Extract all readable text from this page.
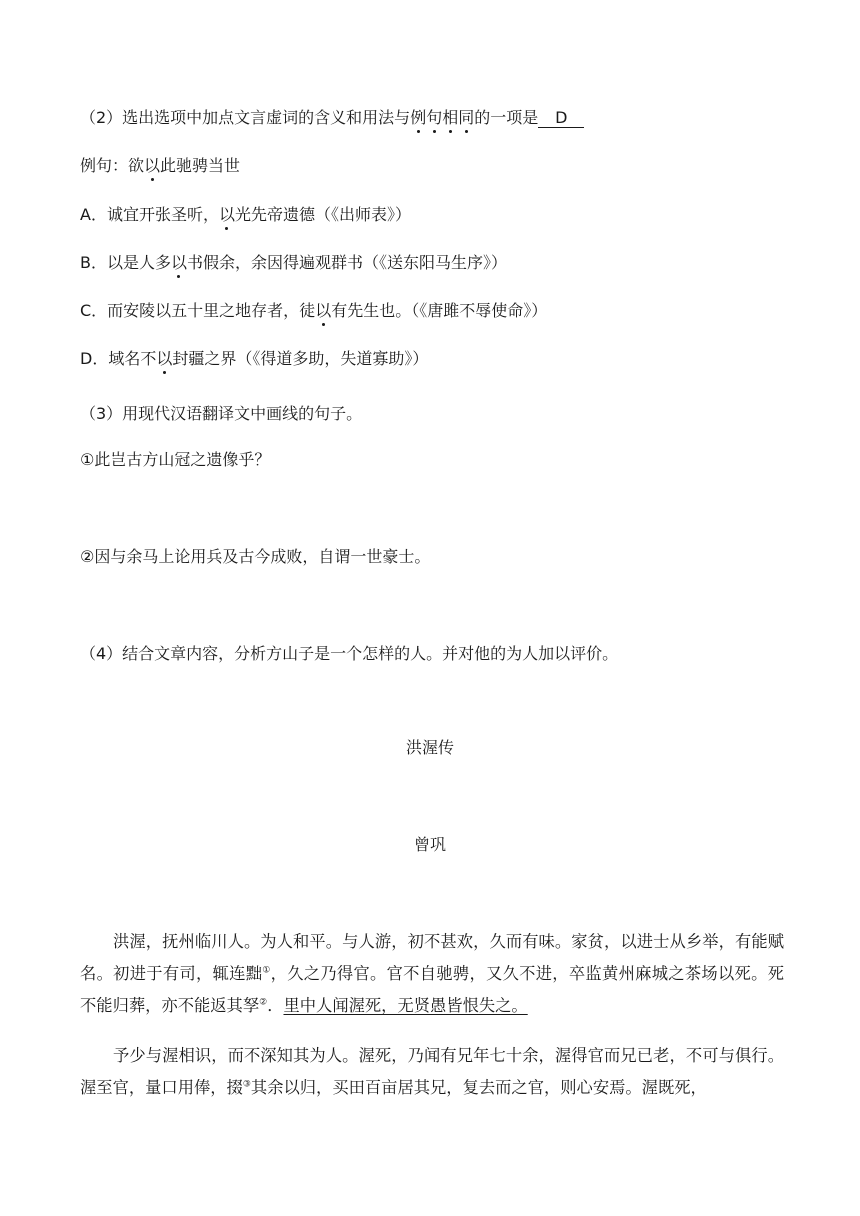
（2）选出选项中加点文言虚词的含义和用法与例句相同的一项是 D
例句：欲以此驰骋当世
A．诚宜开张圣听，以光先帝遗德（《出师表》）
B．以是人多以书假余，余因得遍观群书（《送东阳马生序》）
C．而安陵以五十里之地存者，徒以有先生也。（《唐雎不辱使命》）
D．域名不以封疆之界（《得道多助，失道寡助》）
（3）用现代汉语翻译文中画线的句子。
①此岂古方山冠之遗像乎？
②因与余马上论用兵及古今成败，自谓一世豪士。
（4）结合文章内容，分析方山子是一个怎样的人。并对他的为人加以评价。
洪渥传
曾巩
洪渥，抚州临川人。为人和平。与人游，初不甚欢，久而有味。家贫，以进士从乡举，有能赋名。初进于有司，辄连黜①，久之乃得官。官不自驰骋，又久不进，卒监黄州麻城之茶场以死。死不能归葬，亦不能返其孥②．里中人闻渥死，无贤愚皆恨失之。
予少与渥相识，而不深知其为人。渥死，乃闻有兄年七十余，渥得官而兄已老，不可与俱行。渥至官，量口用俸，掇③其余以归，买田百亩居其兄，复去而之官，则心安焉。渥既死，
